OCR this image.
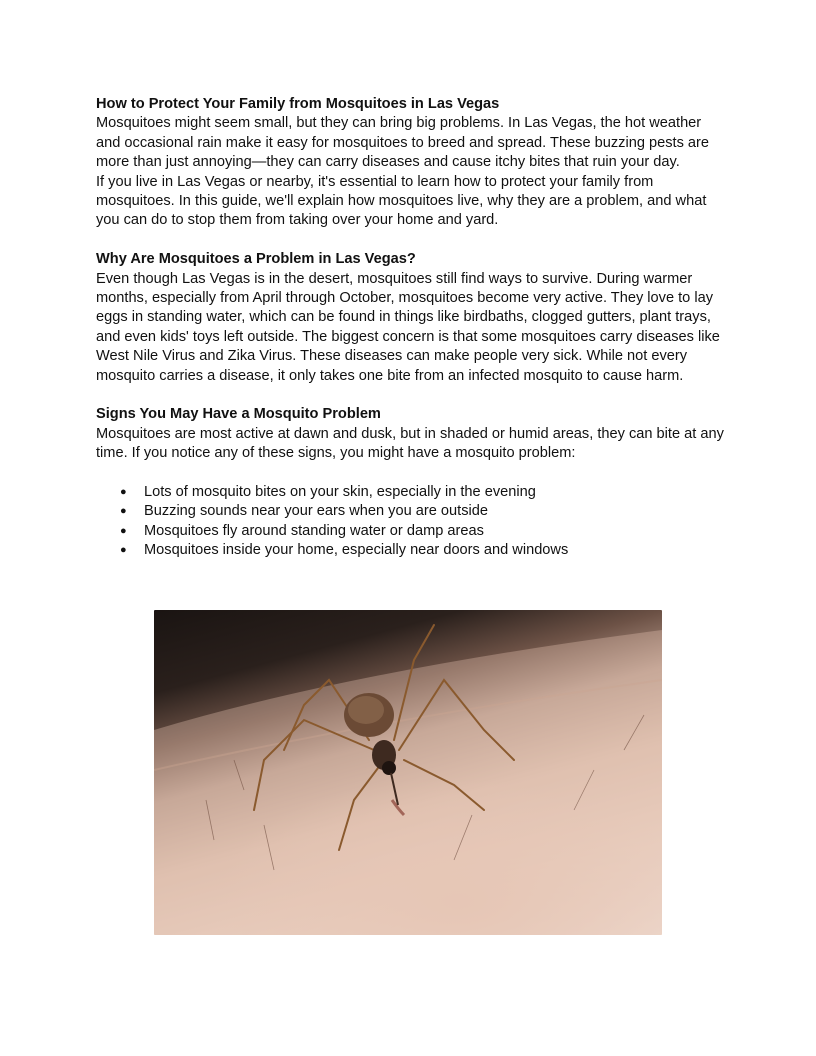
How to Protect Your Family from Mosquitoes in Las Vegas

Mosquitoes might seem small, but they can bring big problems. In Las Vegas, the hot weather and occasional rain make it easy for mosquitoes to breed and spread. These buzzing pests are more than just annoying—they can carry diseases and cause itchy bites that ruin your day.

If you live in Las Vegas or nearby, it's essential to learn how to protect your family from mosquitoes. In this guide, we'll explain how mosquitoes live, why they are a problem, and what you can do to stop them from taking over your home and yard.

Why Are Mosquitoes a Problem in Las Vegas?

Even though Las Vegas is in the desert, mosquitoes still find ways to survive. During warmer months, especially from April through October, mosquitoes become very active. They love to lay eggs in standing water, which can be found in things like birdbaths, clogged gutters, plant trays, and even kids' toys left outside. The biggest concern is that some mosquitoes carry diseases like West Nile Virus and Zika Virus. These diseases can make people very sick. While not every mosquito carries a disease, it only takes one bite from an infected mosquito to cause harm.

Signs You May Have a Mosquito Problem

Mosquitoes are most active at dawn and dusk, but in shaded or humid areas, they can bite at any time. If you notice any of these signs, you might have a mosquito problem:

● Lots of mosquito bites on your skin, especially in the evening
● Buzzing sounds near your ears when you are outside
● Mosquitoes fly around standing water or damp areas
● Mosquitoes inside your home, especially near doors and windows
